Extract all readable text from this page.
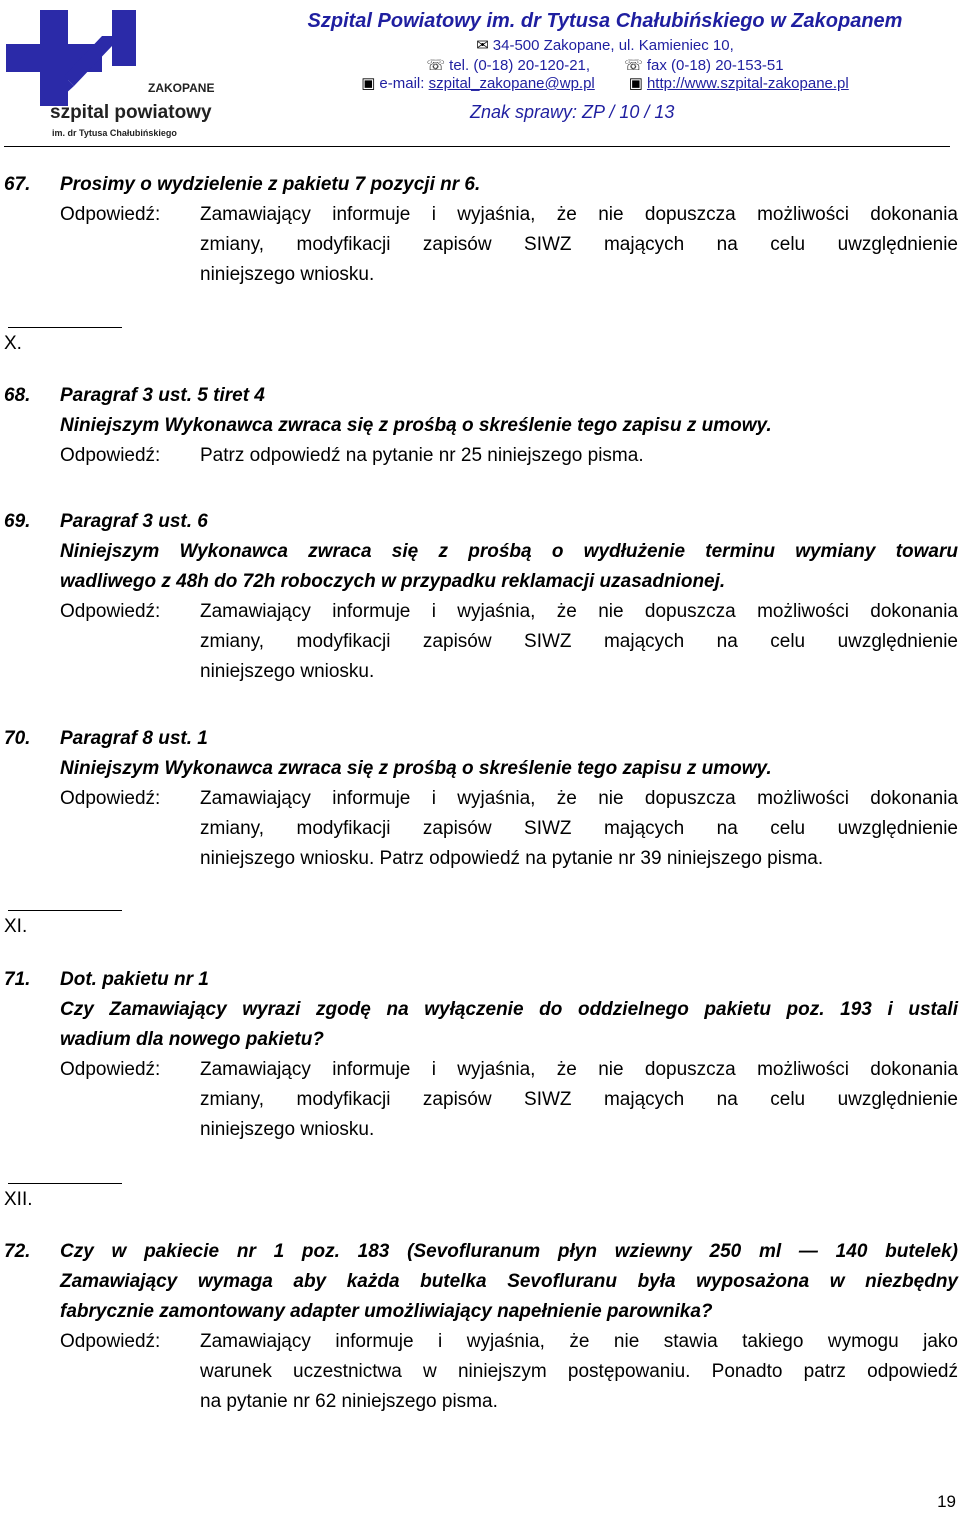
ZAKOPANE
szpital powiatowy
im. dr Tytusa Chałubińskiego
Szpital Powiatowy im. dr Tytusa Chałubińskiego w Zakopanem
✉ 34-500 Zakopane, ul. Kamieniec 10,
☏ tel. (0-18) 20-120-21, ☏ fax (0-18) 20-153-51
▣ e-mail: szpital_zakopane@wp.pl ▣ http://www.szpital-zakopane.pl
Znak sprawy: ZP / 10 / 13
67. Prosimy o wydzielenie z pakietu 7 pozycji nr 6.
Odpowiedź: Zamawiający informuje i wyjaśnia, że nie dopuszcza możliwości dokonania
zmiany, modyfikacji zapisów SIWZ mających na celu uwzględnienie
niniejszego wniosku.
X.
68. Paragraf 3 ust. 5 tiret 4
Niniejszym Wykonawca zwraca się z prośbą o skreślenie tego zapisu z umowy.
Odpowiedź: Patrz odpowiedź na pytanie nr 25 niniejszego pisma.
69. Paragraf 3 ust. 6
Niniejszym Wykonawca zwraca się z prośbą o wydłużenie terminu wymiany towaru
wadliwego z 48h do 72h roboczych w przypadku reklamacji uzasadnionej.
Odpowiedź: Zamawiający informuje i wyjaśnia, że nie dopuszcza możliwości dokonania
zmiany, modyfikacji zapisów SIWZ mających na celu uwzględnienie
niniejszego wniosku.
70. Paragraf 8 ust. 1
Niniejszym Wykonawca zwraca się z prośbą o skreślenie tego zapisu z umowy.
Odpowiedź: Zamawiający informuje i wyjaśnia, że nie dopuszcza możliwości dokonania
zmiany, modyfikacji zapisów SIWZ mających na celu uwzględnienie
niniejszego wniosku. Patrz odpowiedź na pytanie nr 39 niniejszego pisma.
XI.
71. Dot. pakietu nr 1
Czy Zamawiający wyrazi zgodę na wyłączenie do oddzielnego pakietu poz. 193 i ustali
wadium dla nowego pakietu?
Odpowiedź: Zamawiający informuje i wyjaśnia, że nie dopuszcza możliwości dokonania
zmiany, modyfikacji zapisów SIWZ mających na celu uwzględnienie
niniejszego wniosku.
XII.
72. Czy w pakiecie nr 1 poz. 183 (Sevofluranum płyn wziewny 250 ml — 140 butelek)
Zamawiający wymaga aby każda butelka Sevofluranu była wyposażona w niezbędny
fabrycznie zamontowany adapter umożliwiający napełnienie parownika?
Odpowiedź: Zamawiający informuje i wyjaśnia, że nie stawia takiego wymogu jako
warunek uczestnictwa w niniejszym postępowaniu. Ponadto patrz odpowiedź
na pytanie nr 62 niniejszego pisma.
19
